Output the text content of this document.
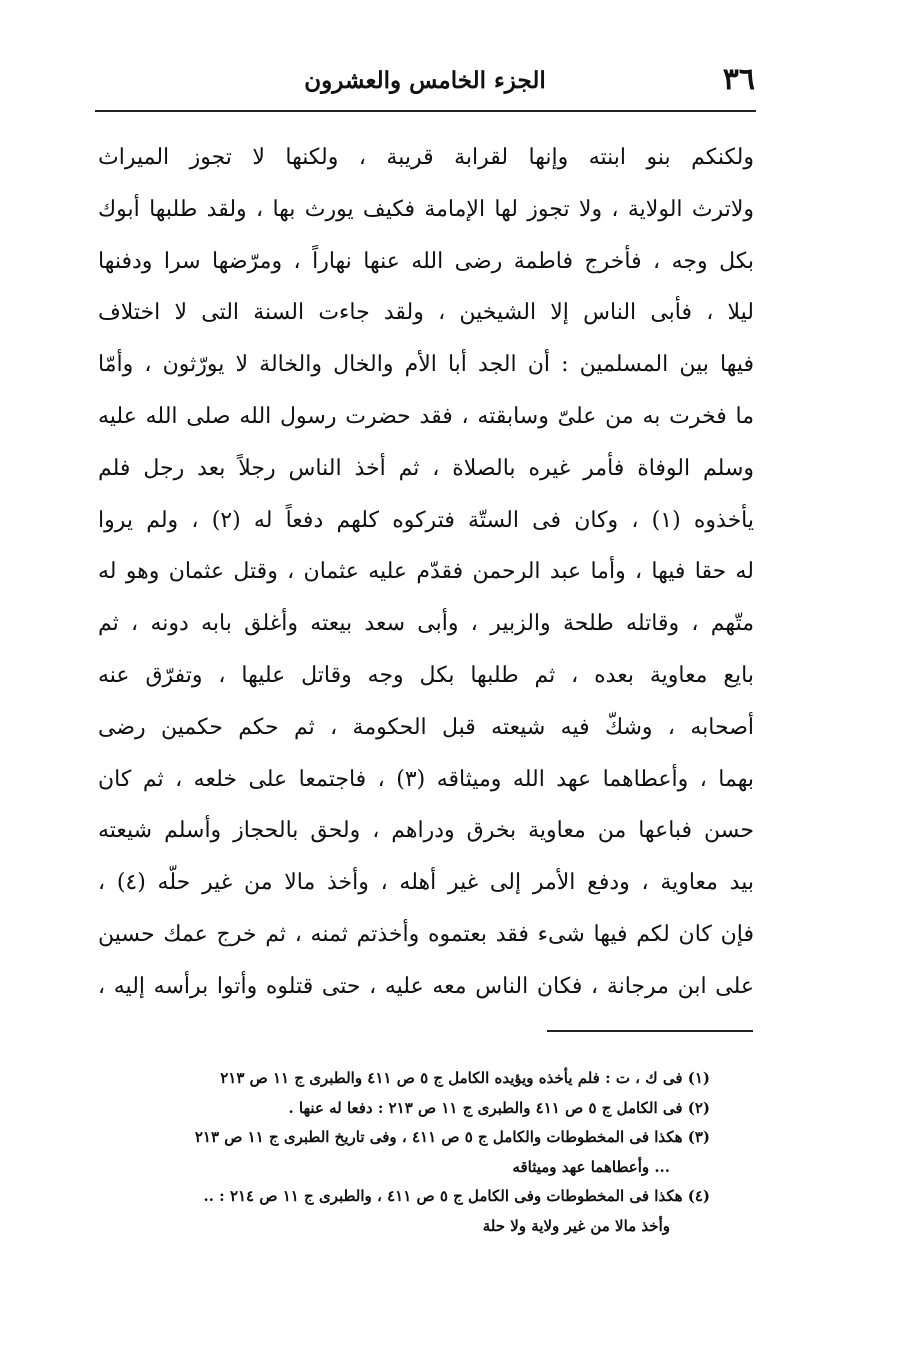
٣٦
الجزء الخامس والعشرون
ولكنكم بنو ابنته وإنها لقرابة قريبة ، ولكنها لا تجوز الميراث
ولاترث الولاية ، ولا تجوز لها الإمامة فكيف يورث بها ، ولقد طلبها أبوك
بكل وجه ، فأخرج فاطمة رضى الله عنها نهاراً ، ومرّضها سرا ودفنها
ليلا ، فأبى الناس إلا الشيخين ، ولقد جاءت السنة التى لا اختلاف
فيها بين المسلمين : أن الجد أبا الأم والخال والخالة لا يورّثون ، وأمّا
ما فخرت به من علىّ وسابقته ، فقد حضرت رسول الله صلى الله عليه
وسلم الوفاة فأمر غيره بالصلاة ، ثم أخذ الناس رجلاً بعد رجل فلم
يأخذوه (١) ، وكان فى الستّة فتركوه كلهم دفعاً له (٢) ، ولم يروا
له حقا فيها ، وأما عبد الرحمن فقدّم عليه عثمان ، وقتل عثمان وهو له
متّهم ، وقاتله طلحة والزبير ، وأبى سعد بيعته وأغلق بابه دونه ، ثم
بايع معاوية بعده ، ثم طلبها بكل وجه وقاتل عليها ، وتفرّق عنه
أصحابه ، وشكّ فيه شيعته قبل الحكومة ، ثم حكم حكمين رضى
بهما ، وأعطاهما عهد الله وميثاقه (٣) ، فاجتمعا على خلعه ، ثم كان
حسن فباعها من معاوية بخرق ودراهم ، ولحق بالحجاز وأسلم شيعته
بيد معاوية ، ودفع الأمر إلى غير أهله ، وأخذ مالا من غير حلّه (٤) ،
فإن كان لكم فيها شىء فقد بعتموه وأخذتم ثمنه ، ثم خرج عمك حسين
على ابن مرجانة ، فكان الناس معه عليه ، حتى قتلوه وأتوا برأسه إليه ،
(١) فى ك ، ت : فلم يأخذه ويؤيده الكامل ج ٥ ص ٤١١ والطبرى ج ١١ ص ٢١٣
(٢) فى الكامل ج ٥ ص ٤١١ والطبرى ج ١١ ص ٢١٣ : دفعا له عنها .
(٣) هكذا فى المخطوطات والكامل ج ٥ ص ٤١١ ، وفى تاريخ الطبرى ج ١١ ص ٢١٣
... وأعطاهما عهد وميثاقه
(٤) هكذا فى المخطوطات وفى الكامل ج ٥ ص ٤١١ ، والطبرى ج ١١ ص ٢١٤ : ..
وأخذ مالا من غير ولاية ولا حلة
